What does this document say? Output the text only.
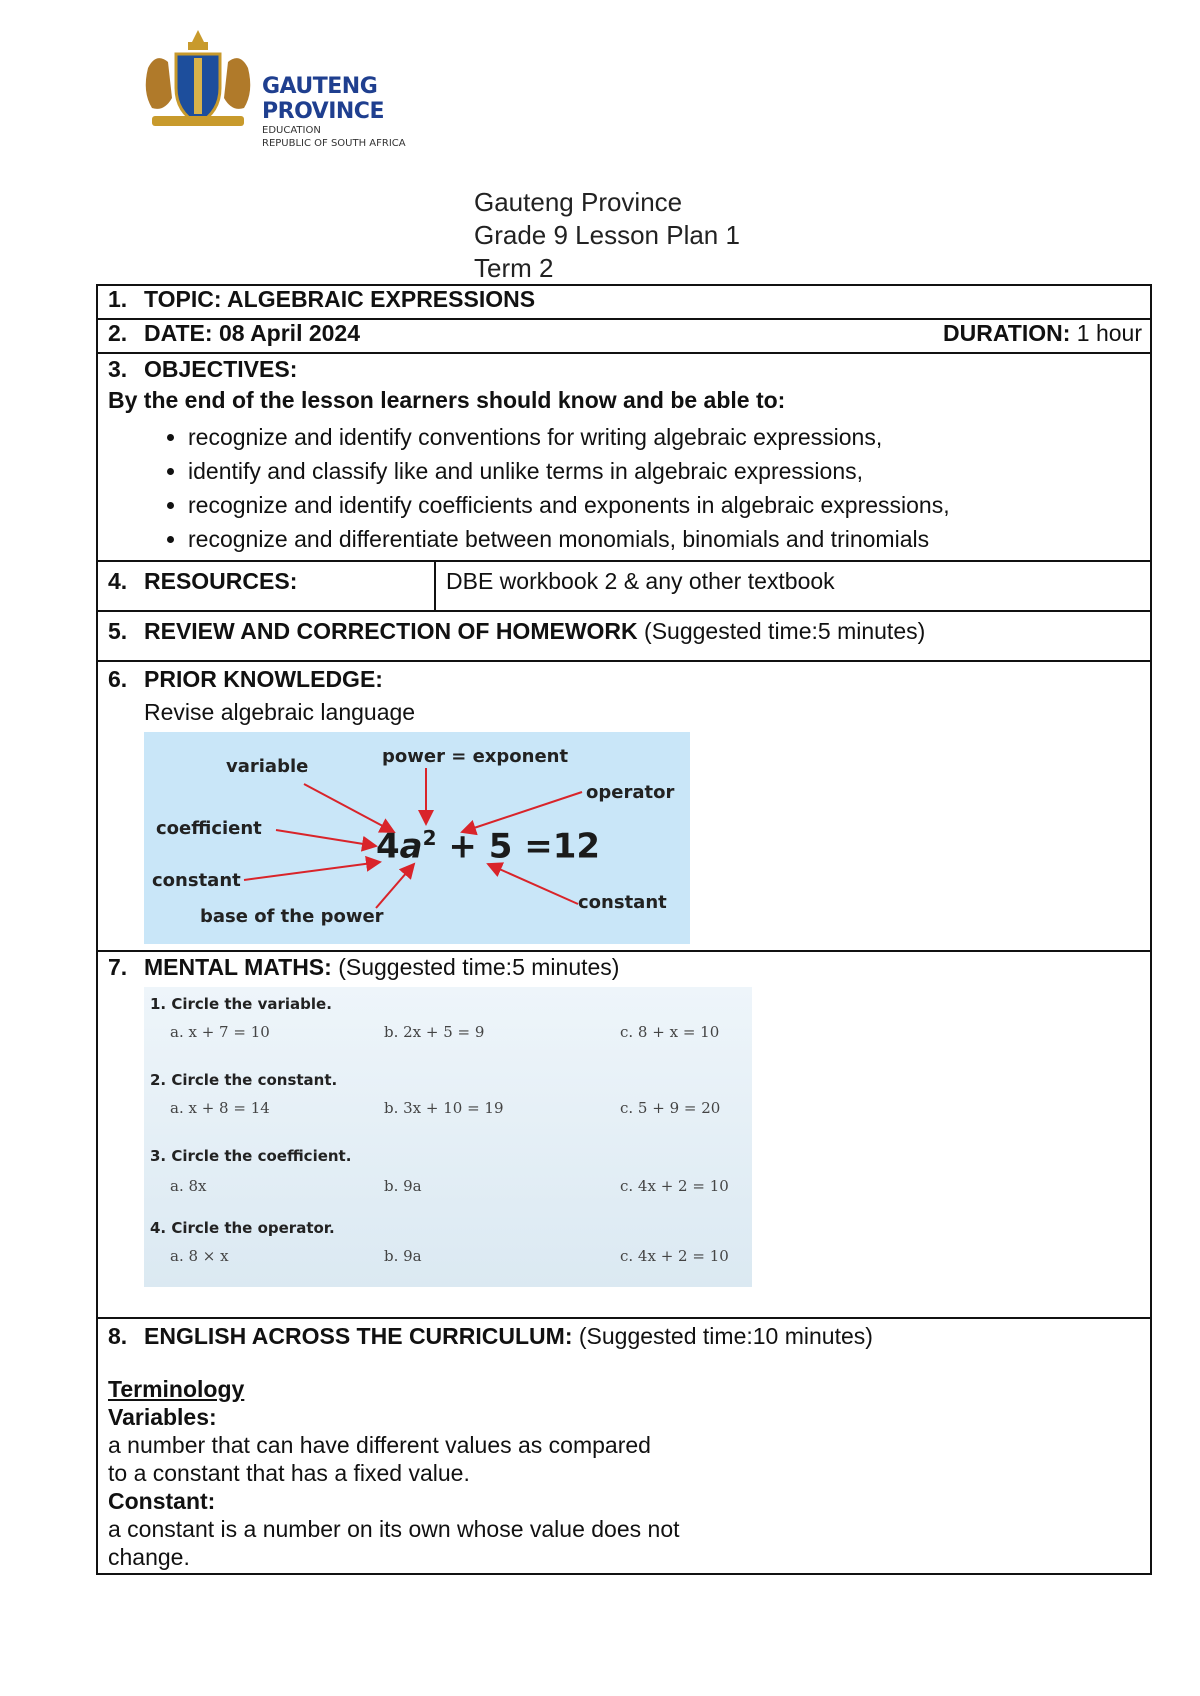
GAUTENG PROVINCE
EDUCATION
REPUBLIC OF SOUTH AFRICA
Gauteng Province
Grade 9 Lesson Plan 1
Term 2
1. TOPIC: ALGEBRAIC EXPRESSIONS
2. DATE: 08 April 2024	DURATION: 1 hour

3. OBJECTIVES:
By the end of the lesson learners should know and be able to:
• recognize and identify conventions for writing algebraic expressions,
• identify and classify like and unlike terms in algebraic expressions,
• recognize and identify coefficients and exponents in algebraic expressions,
• recognize and differentiate between monomials, binomials and trinomials

4. RESOURCES:	DBE workbook 2 & any other textbook
5. REVIEW AND CORRECTION OF HOMEWORK (Suggested time:5 minutes)

6. PRIOR KNOWLEDGE:
Revise algebraic language
variable	power = exponent
operator
coefficient
constant
constant
base of the power
$4a^2 + 5 =12$

7. MENTAL MATHS: (Suggested time:5 minutes)
1. Circle the variable.
a. x + 7 = 10	b. 2x + 5 = 9	c. 8 + x = 10
2. Circle the constant.
a. x + 8 = 14	b. 3x + 10 = 19	c. 5 + 9 = 20
3. Circle the coefficient.
a. 8x	b. 9a	c. 4x + 2 = 10
4. Circle the operator.
a. 8 × x	b. 9a	c. 4x + 2 = 10

8. ENGLISH ACROSS THE CURRICULUM: (Suggested time:10 minutes)
Terminology
Variables:
a number that can have different values as compared
to a constant that has a fixed value.
Constant:
a constant is a number on its own whose value does not
change.
